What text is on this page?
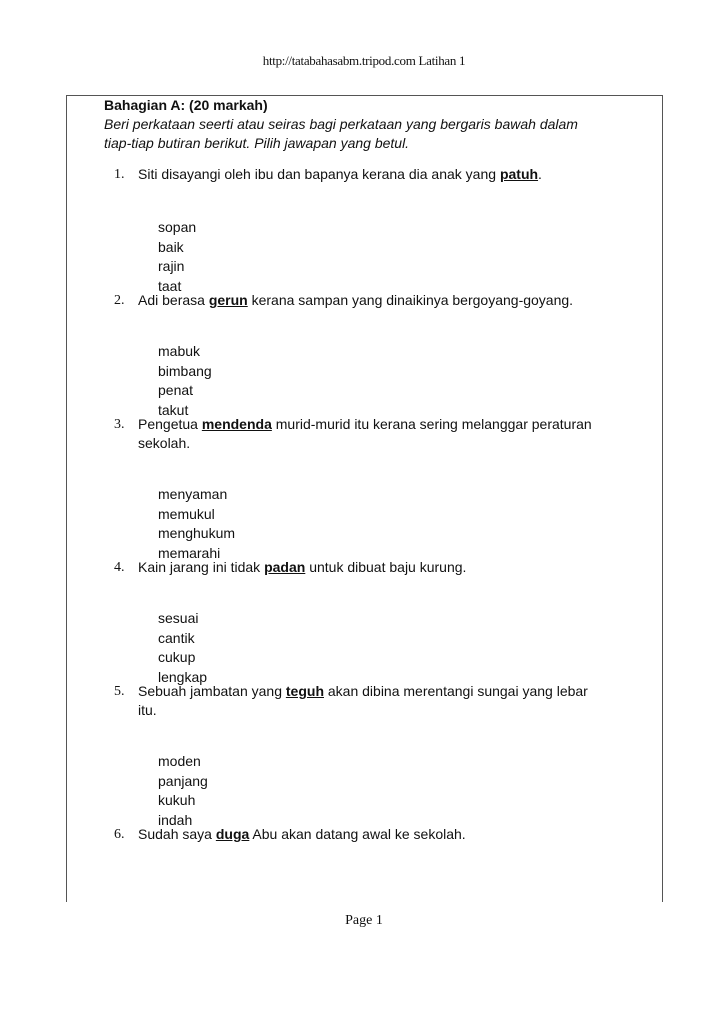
http://tatabahasabm.tripod.com Latihan 1
Bahagian A: (20 markah)
Beri perkataan seerti atau seiras bagi perkataan yang bergaris bawah dalam
tiap-tiap butiran berikut. Pilih jawapan yang betul.
1. Siti disayangi oleh ibu dan bapanya kerana dia anak yang patuh.
sopan
baik
rajin
taat
2. Adi berasa gerun kerana sampan yang dinaikinya bergoyang-goyang.
mabuk
bimbang
penat
takut
3. Pengetua mendenda murid-murid itu kerana sering melanggar peraturan
sekolah.
menyaman
memukul
menghukum
memarahi
4. Kain jarang ini tidak padan untuk dibuat baju kurung.
sesuai
cantik
cukup
lengkap
5. Sebuah jambatan yang teguh akan dibina merentangi sungai yang lebar
itu.
moden
panjang
kukuh
indah
6. Sudah saya duga Abu akan datang awal ke sekolah.
Page 1
